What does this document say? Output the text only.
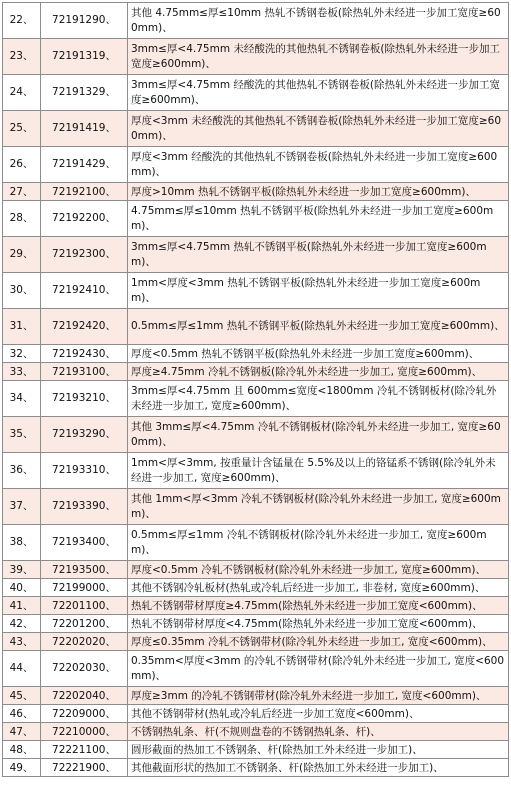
22、	72191290、	其他 4.75mm≤厚≤10mm 热轧不锈钢卷板(除热轧外未经进一步加工宽度≥600mm)、
23、	72191319、	3mm≤厚<4.75mm 未经酸洗的其他热轧不锈钢卷板(除热轧外未经进一步加工宽度≥600mm)、
24、	72191329、	3mm≤厚<4.75mm 经酸洗的其他热轧不锈钢卷板(除热轧外未经进一步加工宽度≥600mm)、
25、	72191419、	厚度<3mm 未经酸洗的其他热轧不锈钢卷板(除热轧外未经进一步加工宽度≥600mm)、
26、	72191429、	厚度<3mm 经酸洗的其他热轧不锈钢卷板(除热轧外未经进一步加工宽度≥600mm)、
27、	72192100、	厚度>10mm 热轧不锈钢平板(除热轧外未经进一步加工宽度≥600mm)、
28、	72192200、	4.75mm≤厚≤10mm 热轧不锈钢平板(除热轧外未经进一步加工宽度≥600mm)、
29、	72192300、	3mm≤厚<4.75mm 热轧不锈钢平板(除热轧外未经进一步加工宽度≥600mm)、
30、	72192410、	1mm<厚度<3mm 热轧不锈钢平板(除热轧外未经进一步加工宽度≥600mm)、
31、	72192420、	0.5mm≤厚≤1mm 热轧不锈钢平板(除热轧外未经进一步加工宽度≥600mm)、
32、	72192430、	厚度<0.5mm 热轧不锈钢平板(除热轧外未经进一步加工宽度≥600mm)、
33、	72193100、	厚度≥4.75mm 冷轧不锈钢板(除冷轧外未经进一步加工, 宽度≥600mm)、
34、	72193210、	3mm≤厚<4.75mm 且 600mm≤宽度<1800mm 冷轧不锈钢板材(除冷轧外未经进一步加工, 宽度≥600mm)、
35、	72193290、	其他 3mm≤厚<4.75mm 冷轧不锈钢板材(除冷轧外未经进一步加工, 宽度≥600mm)、
36、	72193310、	1mm<厚<3mm, 按重量计含锰量在 5.5%及以上的铬锰系不锈钢(除冷轧外未经进一步加工, 宽度≥600mm)、
37、	72193390、	其他 1mm<厚<3mm 冷轧不锈钢板材(除冷轧外未经进一步加工, 宽度≥600mm)、
38、	72193400、	0.5mm≤厚≤1mm 冷轧不锈钢板材(除冷轧外未经进一步加工, 宽度≥600mm)、
39、	72193500、	厚度<0.5mm 冷轧不锈钢板材(除冷轧外未经进一步加工, 宽度≥600mm)、
40、	72199000、	其他不锈钢冷轧板材(热轧或冷轧后经进一步加工, 非卷材, 宽度≥600mm)、
41、	72201100、	热轧不锈钢带材厚度≥4.75mm(除热轧外未经进一步加工宽度<600mm)、
42、	72201200、	热轧不锈钢带材厚度<4.75mm(除热轧外未经进一步加工宽度<600mm)、
43、	72202020、	厚度≤0.35mm 冷轧不锈钢带材(除冷轧外未经进一步加工, 宽度<600mm)、
44、	72202030、	0.35mm<厚度<3mm 的冷轧不锈钢带材(除冷轧外未经进一步加工, 宽度<600mm)、
45、	72202040、	厚度≥3mm 的冷轧不锈钢带材(除冷轧外未经进一步加工, 宽度<600mm)、
46、	72209000、	其他不锈钢带材(热轧或冷轧后经进一步加工宽度<600mm)、
47、	72210000、	不锈钢热轧条、杆(不规则盘卷的不锈钢热轧条、杆)、
48、	72221100、	圆形截面的热加工不锈钢条、杆(除热加工外未经进一步加工)、
49、	72221900、	其他截面形状的热加工不锈钢条、杆(除热加工外未经进一步加工)、
